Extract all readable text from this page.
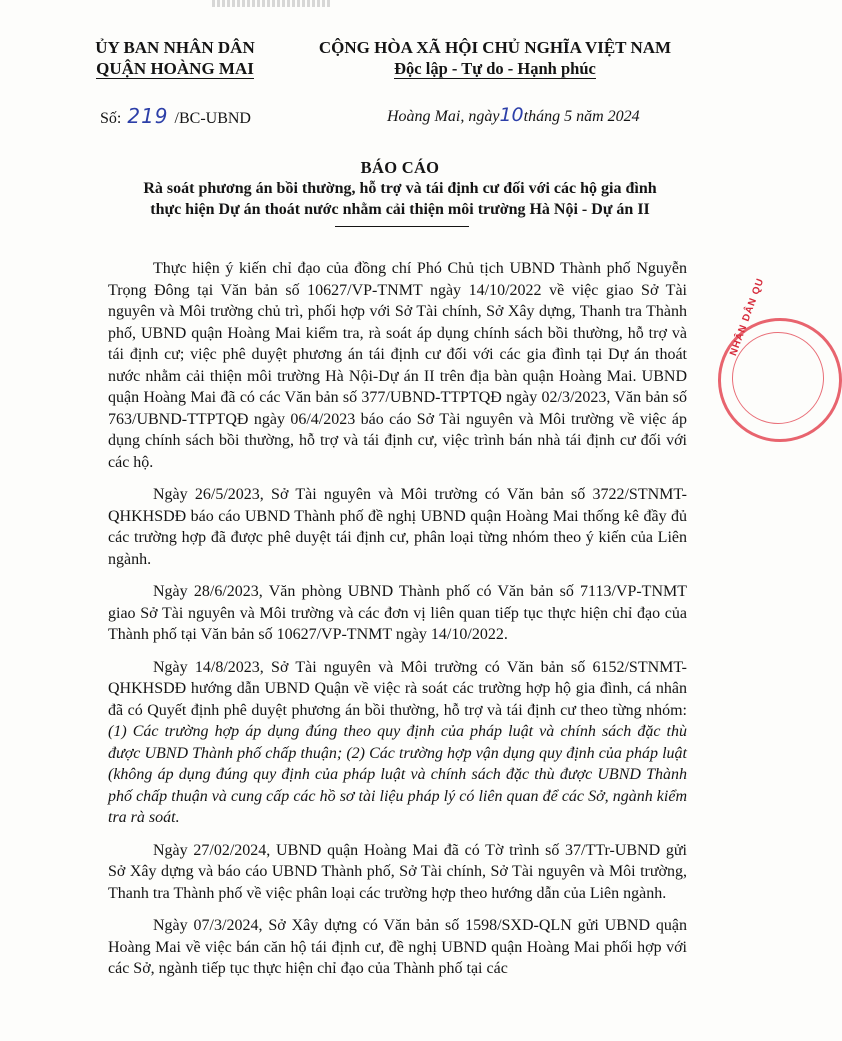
ỦY BAN NHÂN DÂN
QUẬN HOÀNG MAI
CỘNG HÒA XÃ HỘI CHỦ NGHĨA VIỆT NAM
Độc lập - Tự do - Hạnh phúc
Số: 219 /BC-UBND	Hoàng Mai, ngày10tháng 5 năm 2024
BÁO CÁO
Rà soát phương án bồi thường, hỗ trợ và tái định cư đối với các hộ gia đình
thực hiện Dự án thoát nước nhằm cải thiện môi trường Hà Nội - Dự án II

Thực hiện ý kiến chỉ đạo của đồng chí Phó Chủ tịch UBND Thành phố Nguyễn Trọng Đông tại Văn bản số 10627/VP-TNMT ngày 14/10/2022 về việc giao Sở Tài nguyên và Môi trường chủ trì, phối hợp với Sở Tài chính, Sở Xây dựng, Thanh tra Thành phố, UBND quận Hoàng Mai kiểm tra, rà soát áp dụng chính sách bồi thường, hỗ trợ và tái định cư; việc phê duyệt phương án tái định cư đối với các gia đình tại Dự án thoát nước nhằm cải thiện môi trường Hà Nội-Dự án II trên địa bàn quận Hoàng Mai. UBND quận Hoàng Mai đã có các Văn bản số 377/UBND-TTPTQĐ ngày 02/3/2023, Văn bản số 763/UBND-TTPTQĐ ngày 06/4/2023 báo cáo Sở Tài nguyên và Môi trường về việc áp dụng chính sách bồi thường, hỗ trợ và tái định cư, việc trình bán nhà tái định cư đối với các hộ.

Ngày 26/5/2023, Sở Tài nguyên và Môi trường có Văn bản số 3722/STNMT-QHKHSDĐ báo cáo UBND Thành phố đề nghị UBND quận Hoàng Mai thống kê đầy đủ các trường hợp đã được phê duyệt tái định cư, phân loại từng nhóm theo ý kiến của Liên ngành.

Ngày 28/6/2023, Văn phòng UBND Thành phố có Văn bản số 7113/VP-TNMT giao Sở Tài nguyên và Môi trường và các đơn vị liên quan tiếp tục thực hiện chỉ đạo của Thành phố tại Văn bản số 10627/VP-TNMT ngày 14/10/2022.

Ngày 14/8/2023, Sở Tài nguyên và Môi trường có Văn bản số 6152/STNMT-QHKHSDĐ hướng dẫn UBND Quận về việc rà soát các trường hợp hộ gia đình, cá nhân đã có Quyết định phê duyệt phương án bồi thường, hỗ trợ và tái định cư theo từng nhóm: (1) Các trường hợp áp dụng đúng theo quy định của pháp luật và chính sách đặc thù được UBND Thành phố chấp thuận; (2) Các trường hợp vận dụng quy định của pháp luật (không áp dụng đúng quy định của pháp luật và chính sách đặc thù được UBND Thành phố chấp thuận và cung cấp các hồ sơ tài liệu pháp lý có liên quan để các Sở, ngành kiểm tra rà soát.

Ngày 27/02/2024, UBND quận Hoàng Mai đã có Tờ trình số 37/TTr-UBND gửi Sở Xây dựng và báo cáo UBND Thành phố, Sở Tài chính, Sở Tài nguyên và Môi trường, Thanh tra Thành phố về việc phân loại các trường hợp theo hướng dẫn của Liên ngành.

Ngày 07/3/2024, Sở Xây dựng có Văn bản số 1598/SXD-QLN gửi UBND quận Hoàng Mai về việc bán căn hộ tái định cư, đề nghị UBND quận Hoàng Mai phối hợp với các Sở, ngành tiếp tục thực hiện chỉ đạo của Thành phố tại các

NHÂN DÂN QU
